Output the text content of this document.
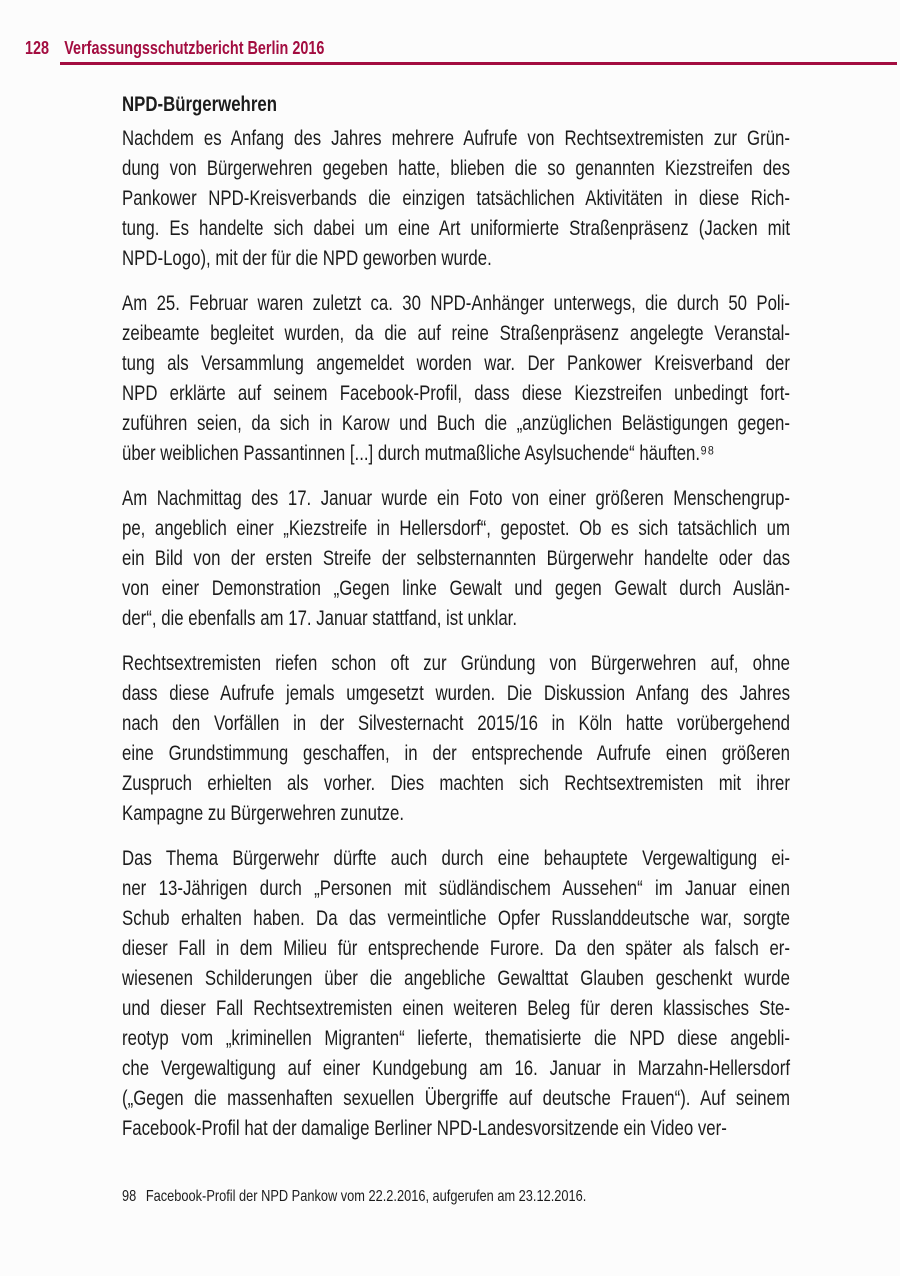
128 Verfassungsschutzbericht Berlin 2016
NPD-Bürgerwehren
Nachdem es Anfang des Jahres mehrere Aufrufe von Rechtsextremisten zur Grün-
dung von Bürgerwehren gegeben hatte, blieben die so genannten Kiezstreifen des
Pankower NPD-Kreisverbands die einzigen tatsächlichen Aktivitäten in diese Rich-
tung. Es handelte sich dabei um eine Art uniformierte Straßenpräsenz (Jacken mit
NPD-Logo), mit der für die NPD geworben wurde.
Am 25. Februar waren zuletzt ca. 30 NPD-Anhänger unterwegs, die durch 50 Poli-
zeibeamte begleitet wurden, da die auf reine Straßenpräsenz angelegte Veranstal-
tung als Versammlung angemeldet worden war. Der Pankower Kreisverband der
NPD erklärte auf seinem Facebook-Profil, dass diese Kiezstreifen unbedingt fort-
zuführen seien, da sich in Karow und Buch die „anzüglichen Belästigungen gegen-
über weiblichen Passantinnen [...] durch mutmaßliche Asylsuchende“ häuften.⁹⁸
Am Nachmittag des 17. Januar wurde ein Foto von einer größeren Menschengrup-
pe, angeblich einer „Kiezstreife in Hellersdorf“, gepostet. Ob es sich tatsächlich um
ein Bild von der ersten Streife der selbsternannten Bürgerwehr handelte oder das
von einer Demonstration „Gegen linke Gewalt und gegen Gewalt durch Auslän-
der“, die ebenfalls am 17. Januar stattfand, ist unklar.
Rechtsextremisten riefen schon oft zur Gründung von Bürgerwehren auf, ohne
dass diese Aufrufe jemals umgesetzt wurden. Die Diskussion Anfang des Jahres
nach den Vorfällen in der Silvesternacht 2015/16 in Köln hatte vorübergehend
eine Grundstimmung geschaffen, in der entsprechende Aufrufe einen größeren
Zuspruch erhielten als vorher. Dies machten sich Rechtsextremisten mit ihrer
Kampagne zu Bürgerwehren zunutze.
Das Thema Bürgerwehr dürfte auch durch eine behauptete Vergewaltigung ei-
ner 13-Jährigen durch „Personen mit südländischem Aussehen“ im Januar einen
Schub erhalten haben. Da das vermeintliche Opfer Russlanddeutsche war, sorgte
dieser Fall in dem Milieu für entsprechende Furore. Da den später als falsch er-
wiesenen Schilderungen über die angebliche Gewalttat Glauben geschenkt wurde
und dieser Fall Rechtsextremisten einen weiteren Beleg für deren klassisches Ste-
reotyp vom „kriminellen Migranten“ lieferte, thematisierte die NPD diese angebli-
che Vergewaltigung auf einer Kundgebung am 16. Januar in Marzahn-Hellersdorf
(„Gegen die massenhaften sexuellen Übergriffe auf deutsche Frauen“). Auf seinem
Facebook-Profil hat der damalige Berliner NPD-Landesvorsitzende ein Video ver-
98 Facebook-Profil der NPD Pankow vom 22.2.2016, aufgerufen am 23.12.2016.
